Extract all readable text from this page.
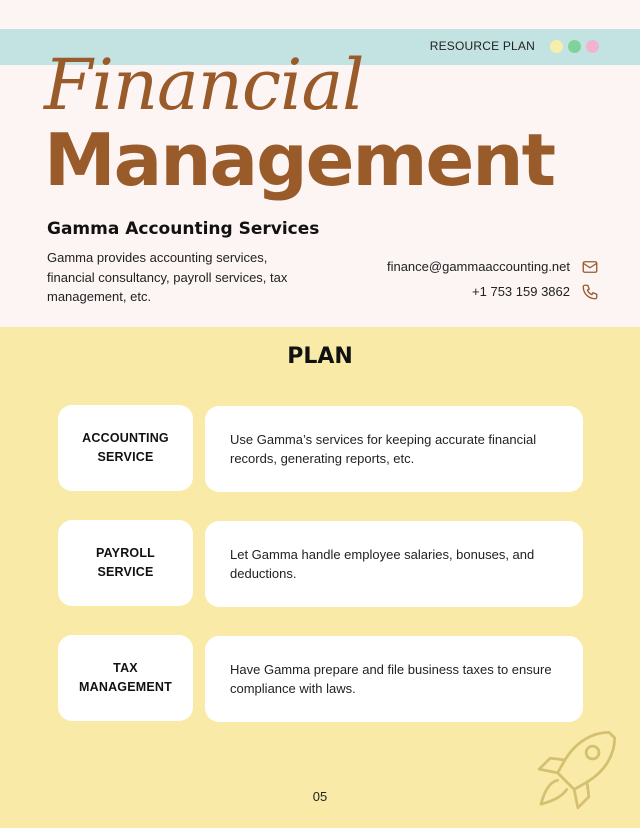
RESOURCE PLAN
Financial
Management
Gamma Accounting Services
Gamma provides accounting services, financial consultancy, payroll services, tax management, etc.
finance@gammaaccounting.net
+1 753 159 3862
PLAN
ACCOUNTING SERVICE
Use Gamma’s services for keeping accurate financial records, generating reports, etc.
PAYROLL SERVICE
Let Gamma handle employee salaries, bonuses, and deductions.
TAX MANAGEMENT
Have Gamma prepare and file business taxes to ensure compliance with laws.
05
